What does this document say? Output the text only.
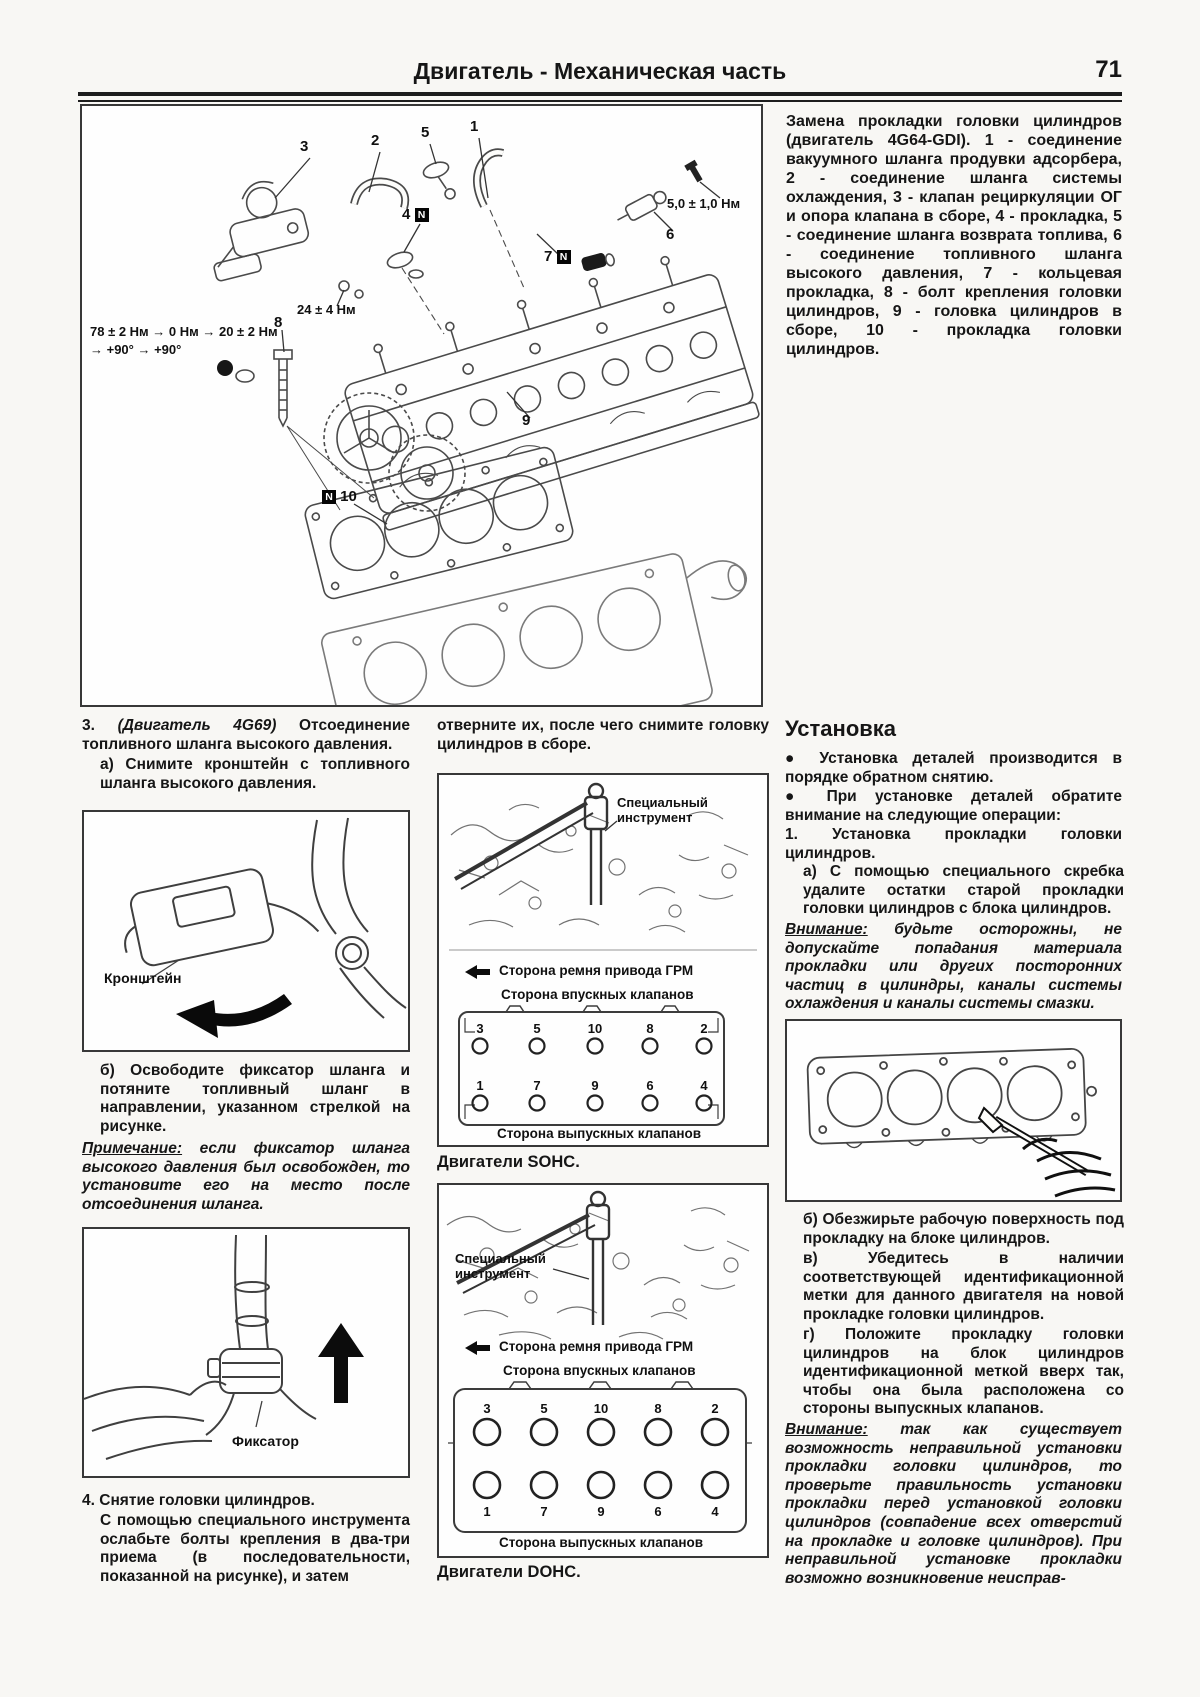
Двигатель - Механическая часть	71
3	2	5	1
4 N
5,0 ± 1,0 Нм
6
7 N
24 ± 4 Нм
78 ± 2 Нм → 0 Нм → 20 ± 2 Нм
→ +90° → +90°
8
9
N 10
Замена прокладки головки цилиндров (двигатель 4G64-GDI). 1 - соединение вакуумного шланга продувки адсорбера, 2 - соединение шланга системы охлаждения, 3 - клапан рециркуляции ОГ и опора клапана в сборе, 4 - прокладка, 5 - соединение шланга возврата топлива, 6 - соединение топливного шланга высокого давления, 7 - кольцевая прокладка, 8 - болт крепления головки цилиндров, 9 - головка цилиндров в сборе, 10 - прокладка головки цилиндров.
3. (Двигатель 4G69) Отсоединение топливного шланга высокого давления.
а) Снимите кронштейн с топливного шланга высокого давления.
Кронштейн
б) Освободите фиксатор шланга и потяните топливный шланг в направлении, указанном стрелкой на рисунке.
Примечание: если фиксатор шланга высокого давления был освобожден, то установите его на место после отсоединения шланга.
Фиксатор
4. Снятие головки цилиндров.
С помощью специального инструмента ослабьте болты крепления в два-три приема (в последовательности, показанной на рисунке), и затем
отверните их, после чего снимите головку цилиндров в сборе.
3	5	10	8	2
1	7	9	6	4
Специальный инструмент
Сторона ремня привода ГРМ
Сторона впускных клапанов
Сторона выпускных клапанов
Двигатели SOHC.
3	5	10	8	2
1	7	9	6	4
Специальный инструмент
Сторона ремня привода ГРМ
Сторона впускных клапанов
Сторона выпускных клапанов
Двигатели DOHC.
Установка
● Установка деталей производится в порядке обратном снятию.
● При установке деталей обратите внимание на следующие операции:
1. Установка прокладки головки цилиндров.
а) С помощью специального скребка удалите остатки старой прокладки головки цилиндров с блока цилиндров.
Внимание: будьте осторожны, не допускайте попадания материала прокладки или других посторонних частиц в цилиндры, каналы системы охлаждения и каналы системы смазки.
б) Обезжирьте рабочую поверхность под прокладку на блоке цилиндров.
в) Убедитесь в наличии соответствующей идентификационной метки для данного двигателя на новой прокладке головки цилиндров.
г) Положите прокладку головки цилиндров на блок цилиндров идентификационной меткой вверх так, чтобы она была расположена со стороны выпускных клапанов.
Внимание: так как существует возможность неправильной установки прокладки головки цилиндров, то проверьте правильность установки прокладки перед установкой головки цилиндров (совпадение всех отверстий на прокладке и головке цилиндров). При неправильной установке прокладки возможно возникновение неисправ-
